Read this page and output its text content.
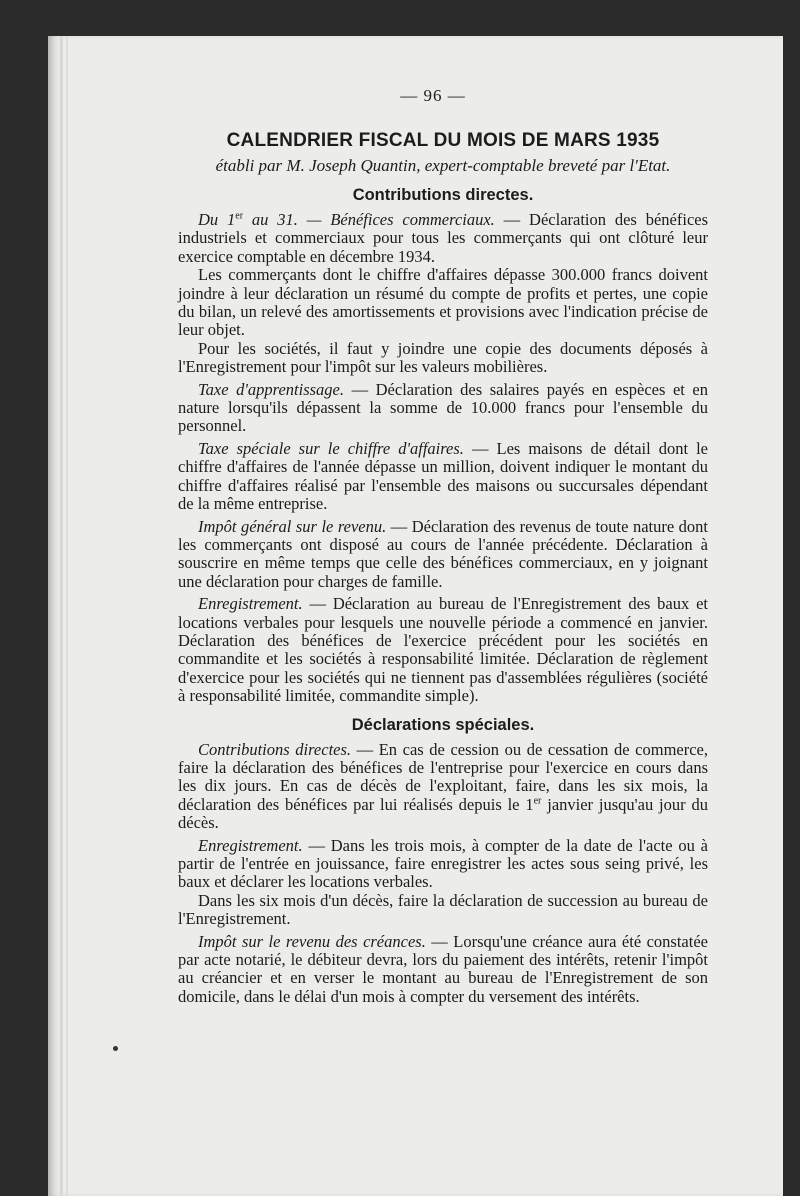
— 96 —
CALENDRIER FISCAL DU MOIS DE MARS 1935
établi par M. Joseph Quantin, expert-comptable breveté par l'Etat.
Contributions directes.

Du 1er au 31. — Bénéfices commerciaux. — Déclaration des bénéfices industriels et commerciaux pour tous les commerçants qui ont clôturé leur exercice comptable en décembre 1934.

Les commerçants dont le chiffre d'affaires dépasse 300.000 francs doivent joindre à leur déclaration un résumé du compte de profits et pertes, une copie du bilan, un relevé des amortissements et provisions avec l'indication précise de leur objet.

Pour les sociétés, il faut y joindre une copie des documents déposés à l'Enregistrement pour l'impôt sur les valeurs mobilières.

Taxe d'apprentissage. — Déclaration des salaires payés en espèces et en nature lorsqu'ils dépassent la somme de 10.000 francs pour l'ensemble du personnel.

Taxe spéciale sur le chiffre d'affaires. — Les maisons de détail dont le chiffre d'affaires de l'année dépasse un million, doivent indiquer le montant du chiffre d'affaires réalisé par l'ensemble des maisons ou succursales dépendant de la même entreprise.

Impôt général sur le revenu. — Déclaration des revenus de toute nature dont les commerçants ont disposé au cours de l'année précédente. Déclaration à souscrire en même temps que celle des bénéfices commerciaux, en y joignant une déclaration pour charges de famille.

Enregistrement. — Déclaration au bureau de l'Enregistrement des baux et locations verbales pour lesquels une nouvelle période a commencé en janvier. Déclaration des bénéfices de l'exercice précédent pour les sociétés en commandite et les sociétés à responsabilité limitée. Déclaration de règlement d'exercice pour les sociétés qui ne tiennent pas d'assemblées régulières (société à responsabilité limitée, commandite simple).

Déclarations spéciales.

Contributions directes. — En cas de cession ou de cessation de commerce, faire la déclaration des bénéfices de l'entreprise pour l'exercice en cours dans les dix jours. En cas de décès de l'exploitant, faire, dans les six mois, la déclaration des bénéfices par lui réalisés depuis le 1er janvier jusqu'au jour du décès.

Enregistrement. — Dans les trois mois, à compter de la date de l'acte ou à partir de l'entrée en jouissance, faire enregistrer les actes sous seing privé, les baux et déclarer les locations verbales.

Dans les six mois d'un décès, faire la déclaration de succession au bureau de l'Enregistrement.

Impôt sur le revenu des créances. — Lorsqu'une créance aura été constatée par acte notarié, le débiteur devra, lors du paiement des intérêts, retenir l'impôt au créancier et en verser le montant au bureau de l'Enregistrement de son domicile, dans le délai d'un mois à compter du versement des intérêts.
